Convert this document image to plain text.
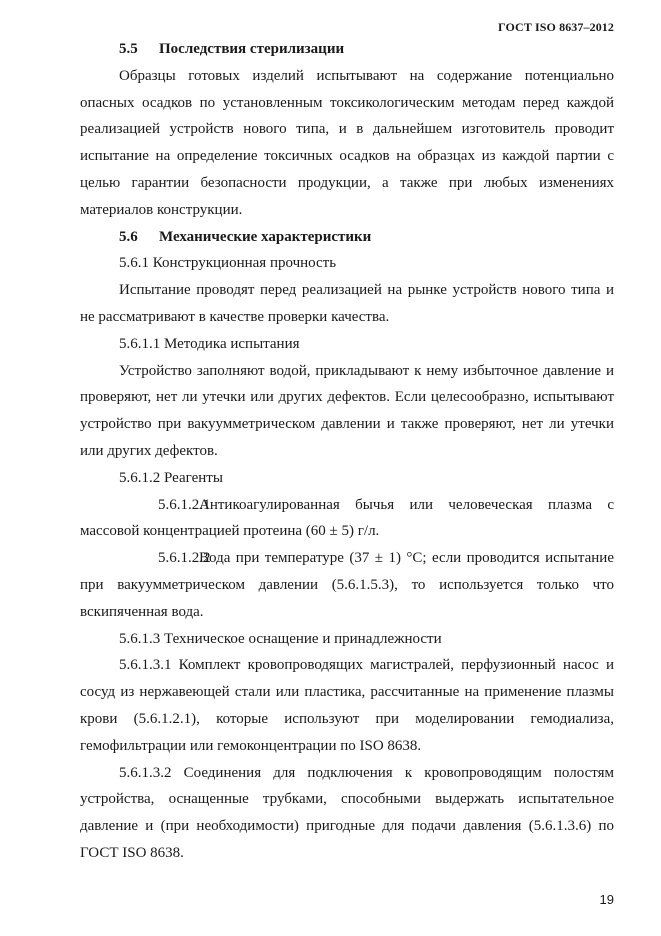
ГОСТ ISO 8637–2012

5.5 Последствия стерилизации

Образцы готовых изделий испытывают на содержание потенциально опасных осадков по установленным токсикологическим методам перед каждой реализацией устройств нового типа, и в дальнейшем изготовитель проводит испытание на определение токсичных осадков на образцах из каждой партии с целью гарантии безопасности продукции, а также при любых изменениях материалов конструкции.

5.6 Механические характеристики

5.6.1 Конструкционная прочность

Испытание проводят перед реализацией на рынке устройств нового типа и не рассматривают в качестве проверки качества.

5.6.1.1 Методика испытания

Устройство заполняют водой, прикладывают к нему избыточное давление и проверяют, нет ли утечки или других дефектов. Если целесообразно, испытывают устройство при вакуумметрическом давлении и также проверяют, нет ли утечки или других дефектов.

5.6.1.2 Реагенты

5.6.1.2.1Антикоагулированная бычья или человеческая плазма с массовой концентрацией протеина (60 ± 5) г/л.

5.6.1.2.2Вода при температуре (37 ± 1) °C; если проводится испытание при вакуумметрическом давлении (5.6.1.5.3), то используется только что вскипяченная вода.

5.6.1.3 Техническое оснащение и принадлежности

5.6.1.3.1 Комплект кровопроводящих магистралей, перфузионный насос и сосуд из нержавеющей стали или пластика, рассчитанные на применение плазмы крови (5.6.1.2.1), которые используют при моделировании гемодиализа, гемофильтрации или гемоконцентрации по ISO 8638.

5.6.1.3.2 Соединения для подключения к кровопроводящим полостям устройства, оснащенные трубками, способными выдержать испытательное давление и (при необходимости) пригодные для подачи давления (5.6.1.3.6) по ГОСТ ISO 8638.

19
